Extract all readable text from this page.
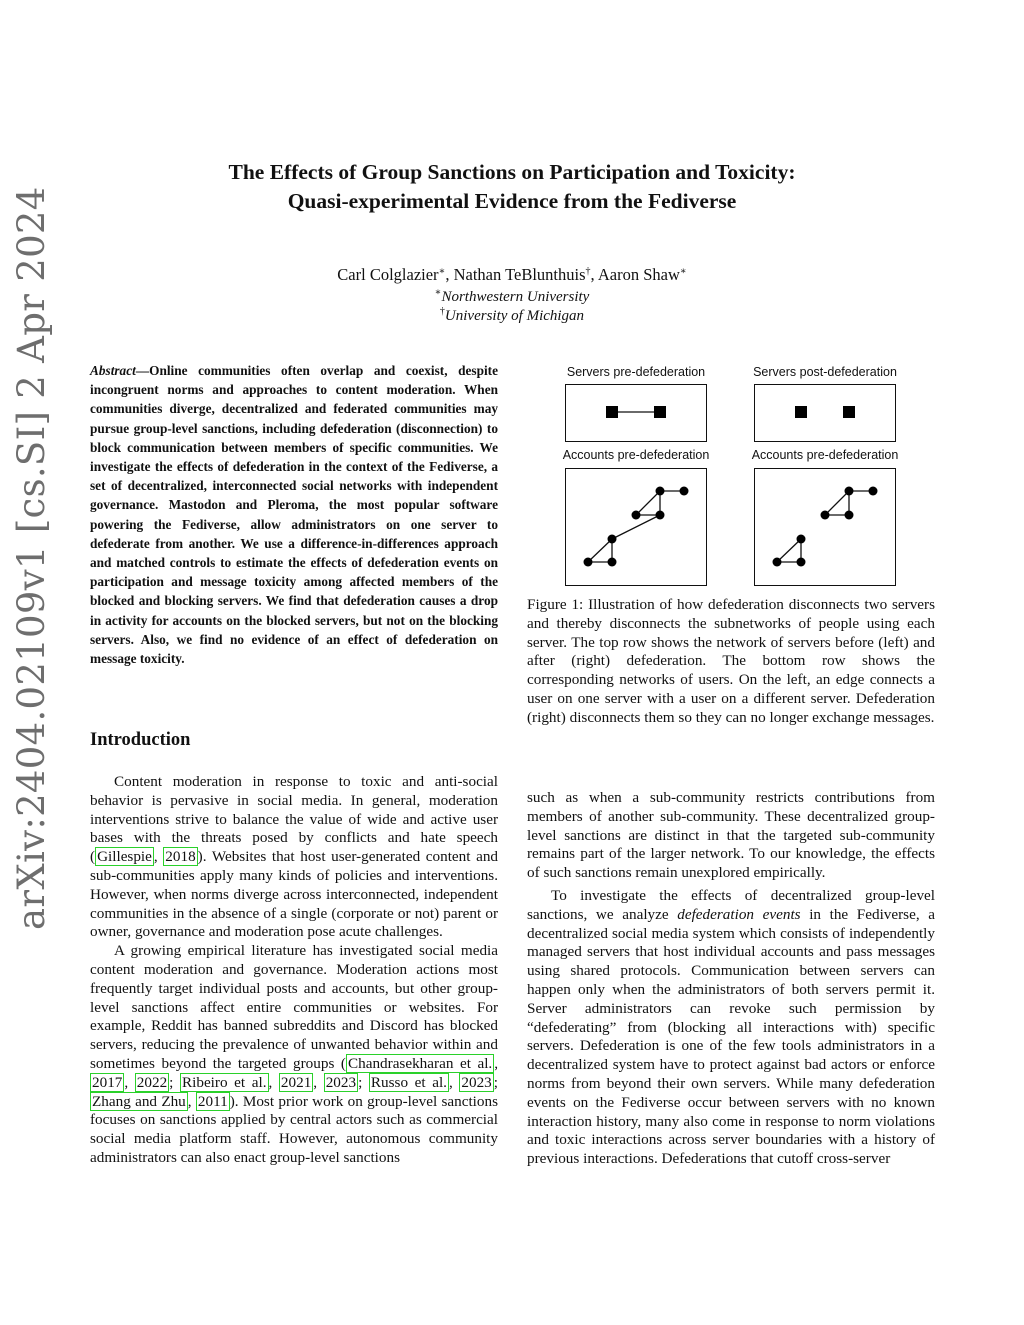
arXiv:2404.02109v1 [cs.SI] 2 Apr 2024
The Effects of Group Sanctions on Participation and Toxicity:
Quasi-experimental Evidence from the Fediverse
Carl Colglazier∗, Nathan TeBlunthuis†, Aaron Shaw∗
∗Northwestern University
†University of Michigan
Abstract—Online communities often overlap and coexist, despite incongruent norms and approaches to content moderation. When communities diverge, decentralized and federated communities may pursue group-level sanctions, including defederation (disconnection) to block communication between members of specific communities. We investigate the effects of defederation in the context of the Fediverse, a set of decentralized, interconnected social networks with independent governance. Mastodon and Pleroma, the most popular software powering the Fediverse, allow administrators on one server to defederate from another. We use a difference-in-differences approach and matched controls to estimate the effects of defederation events on participation and message toxicity among affected members of the blocked and blocking servers. We find that defederation causes a drop in activity for accounts on the blocked servers, but not on the blocking servers. Also, we find no evidence of an effect of defederation on message toxicity.
Introduction

Content moderation in response to toxic and anti-social behavior is pervasive in social media. In general, moderation interventions strive to balance the value of wide and active user bases with the threats posed by conflicts and hate speech ( Gillespie , 2018 ). Websites that host user-generated content and sub-communities apply many kinds of policies and interventions. However, when norms diverge across interconnected, independent communities in the absence of a single (corporate or not) parent or owner, governance and moderation pose acute challenges.

A growing empirical literature has investigated social media content moderation and governance. Moderation actions most frequently target individual posts and accounts, but other group-level sanctions affect entire communities or websites. For example, Reddit has banned subreddits and Discord has blocked servers, reducing the prevalence of unwanted behavior within and sometimes beyond the targeted groups ( Chandrasekharan et al. , 2017 , 2022 ; Ribeiro et al. , 2021 , 2023 ; Russo et al. , 2023 ; Zhang and Zhu , 2011 ). Most prior work on group-level sanctions focuses on sanctions applied by central actors such as commercial social media platform staff. However, autonomous community administrators can also enact group-level sanctions

Servers pre-defederation	Servers post-defederation
Accounts pre-defederation	Accounts pre-defederation
Figure 1: Illustration of how defederation disconnects two servers and thereby disconnects the subnetworks of people using each server. The top row shows the network of servers before (left) and after (right) defederation. The bottom row shows the corresponding networks of users. On the left, an edge connects a user on one server with a user on a different server. Defederation (right) disconnects them so they can no longer exchange messages.

such as when a sub-community restricts contributions from members of another sub-community. These decentralized group-level sanctions are distinct in that the targeted sub-community remains part of the larger network. To our knowledge, the effects of such sanctions remain unexplored empirically.

To investigate the effects of decentralized group-level sanctions, we analyze defederation events in the Fediverse, a decentralized social media system which consists of independently managed servers that host individual accounts and pass messages using shared protocols. Communication between servers can happen only when the administrators of both servers permit it. Server administrators can revoke such permission by “defederating” from (blocking all interactions with) specific servers. Defederation is one of the few tools administrators in a decentralized system have to protect against bad actors or enforce norms from beyond their own servers. While many defederation events on the Fediverse occur between servers with no known interaction history, many also come in response to norm violations and toxic interactions across server boundaries with a history of previous interactions. Defederations that cutoff cross-server
